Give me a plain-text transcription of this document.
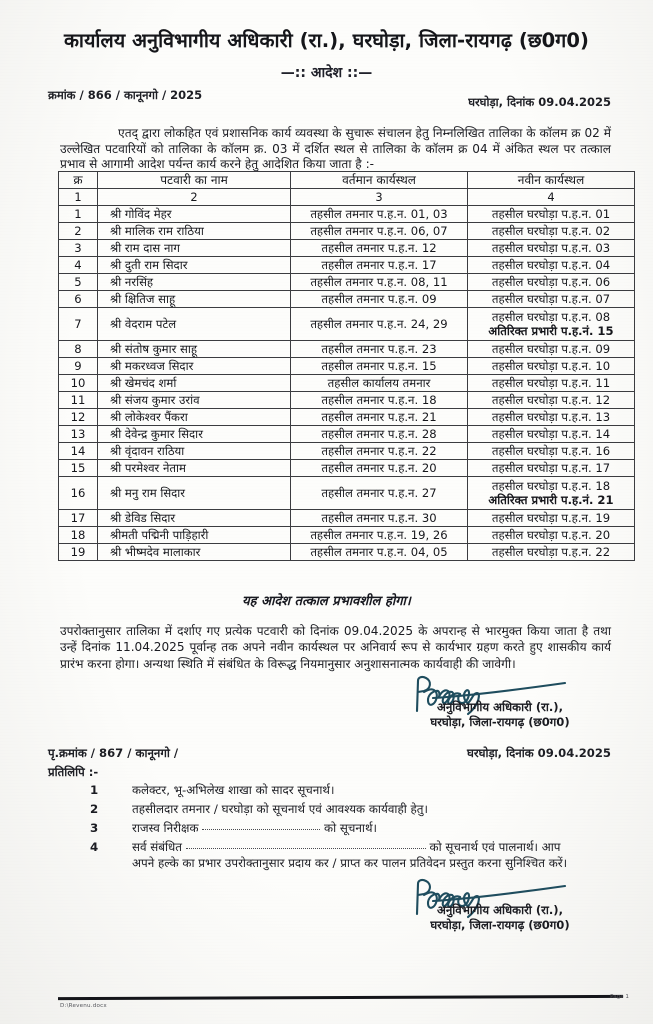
कार्यालय अनुविभागीय अधिकारी (रा.), घरघोड़ा, जिला-रायगढ़ (छ0ग0)
—:: आदेश ::—
क्रमांक / 866 / कानूनगो / 2025	घरघोड़ा, दिनांक 09.04.2025
एतद् द्वारा लोकहित एवं प्रशासनिक कार्य व्यवस्था के सुचारू संचालन हेतु निम्नलिखित तालिका के कॉलम क्र 02 में उल्लेखित पटवारियों को तालिका के कॉलम क्र. 03 में दर्शित स्थल से तालिका के कॉलम क्र 04 में अंकित स्थल पर तत्काल प्रभाव से आगामी आदेश पर्यन्त कार्य करने हेतु आदेशित किया जाता है :-
क्र	पटवारी का नाम	वर्तमान कार्यस्थल	नवीन कार्यस्थल
1	2	3	4
1	श्री गोविंद मेहर	तहसील तमनार प.ह.न. 01, 03	तहसील घरघोड़ा प.ह.न. 01
2	श्री मालिक राम राठिया	तहसील तमनार प.ह.न. 06, 07	तहसील घरघोड़ा प.ह.न. 02
3	श्री राम दास नाग	तहसील तमनार प.ह.न. 12	तहसील घरघोड़ा प.ह.न. 03
4	श्री दुती राम सिदार	तहसील तमनार प.ह.न. 17	तहसील घरघोड़ा प.ह.न. 04
5	श्री नरसिंह	तहसील तमनार प.ह.न. 08, 11	तहसील घरघोड़ा प.ह.न. 06
6	श्री क्षितिज साहू	तहसील तमनार प.ह.न. 09	तहसील घरघोड़ा प.ह.न. 07
7	श्री वेदराम पटेल	तहसील तमनार प.ह.न. 24, 29	तहसील घरघोड़ा प.ह.न. 08
अतिरिक्त प्रभारी प.ह.नं. 15

8	श्री संतोष कुमार साहू	तहसील तमनार प.ह.न. 23	तहसील घरघोड़ा प.ह.न. 09
9	श्री मकरध्वज सिदार	तहसील तमनार प.ह.न. 15	तहसील घरघोड़ा प.ह.न. 10
10	श्री खेमचंद शर्मा	तहसील कार्यालय तमनार	तहसील घरघोड़ा प.ह.न. 11
11	श्री संजय कुमार उरांव	तहसील तमनार प.ह.न. 18	तहसील घरघोड़ा प.ह.न. 12
12	श्री लोकेश्वर पैंकरा	तहसील तमनार प.ह.न. 21	तहसील घरघोड़ा प.ह.न. 13
13	श्री देवेन्द्र कुमार सिदार	तहसील तमनार प.ह.न. 28	तहसील घरघोड़ा प.ह.न. 14
14	श्री वृंदावन राठिया	तहसील तमनार प.ह.न. 22	तहसील घरघोड़ा प.ह.न. 16
15	श्री परमेश्वर नेताम	तहसील तमनार प.ह.न. 20	तहसील घरघोड़ा प.ह.न. 17
16	श्री मनु राम सिदार	तहसील तमनार प.ह.न. 27	तहसील घरघोड़ा प.ह.न. 18
अतिरिक्त प्रभारी प.ह.नं. 21

17	श्री डेविड सिदार	तहसील तमनार प.ह.न. 30	तहसील घरघोड़ा प.ह.न. 19
18	श्रीमती पद्मिनी पाड़िहारी	तहसील तमनार प.ह.न. 19, 26	तहसील घरघोड़ा प.ह.न. 20
19	श्री भीष्मदेव मालाकार	तहसील तमनार प.ह.न. 04, 05	तहसील घरघोड़ा प.ह.न. 22
यह आदेश तत्काल प्रभावशील होगा।
उपरोक्तानुसार तालिका में दर्शाए गए प्रत्येक पटवारी को दिनांक 09.04.2025 के अपरान्ह से भारमुक्त किया जाता है तथा उन्हें दिनांक 11.04.2025 पूर्वान्ह तक अपने नवीन कार्यस्थल पर अनिवार्य रूप से कार्यभार ग्रहण करते हुए शासकीय कार्य प्रारंभ करना होगा। अन्यथा स्थिति में संबंधित के विरूद्ध नियमानुसार अनुशासनात्मक कार्यवाही की जावेगी।
अनुविभागीय अधिकारी (रा.),
घरघोड़ा, जिला-रायगढ़ (छ0ग0)
पृ.क्रमांक / 867 / कानूनगो /	घरघोड़ा, दिनांक 09.04.2025
प्रतिलिपि :-
1	कलेक्टर, भू-अभिलेख शाखा को सादर सूचनार्थ।
2	तहसीलदार तमनार / घरघोड़ा को सूचनार्थ एवं आवश्यक कार्यवाही हेतु।
3	राजस्व निरीक्षक	को सूचनार्थ।
4	सर्व संबंधित	को सूचनार्थ एवं पालनार्थ। आप
अपने हल्के का प्रभार उपरोक्तानुसार प्रदाय कर / प्राप्त कर पालन प्रतिवेदन प्रस्तुत करना सुनिश्चित करें।
अनुविभागीय अधिकारी (रा.),
घरघोड़ा, जिला-रायगढ़ (छ0ग0)
D:\Revenu.docx
Page 1
